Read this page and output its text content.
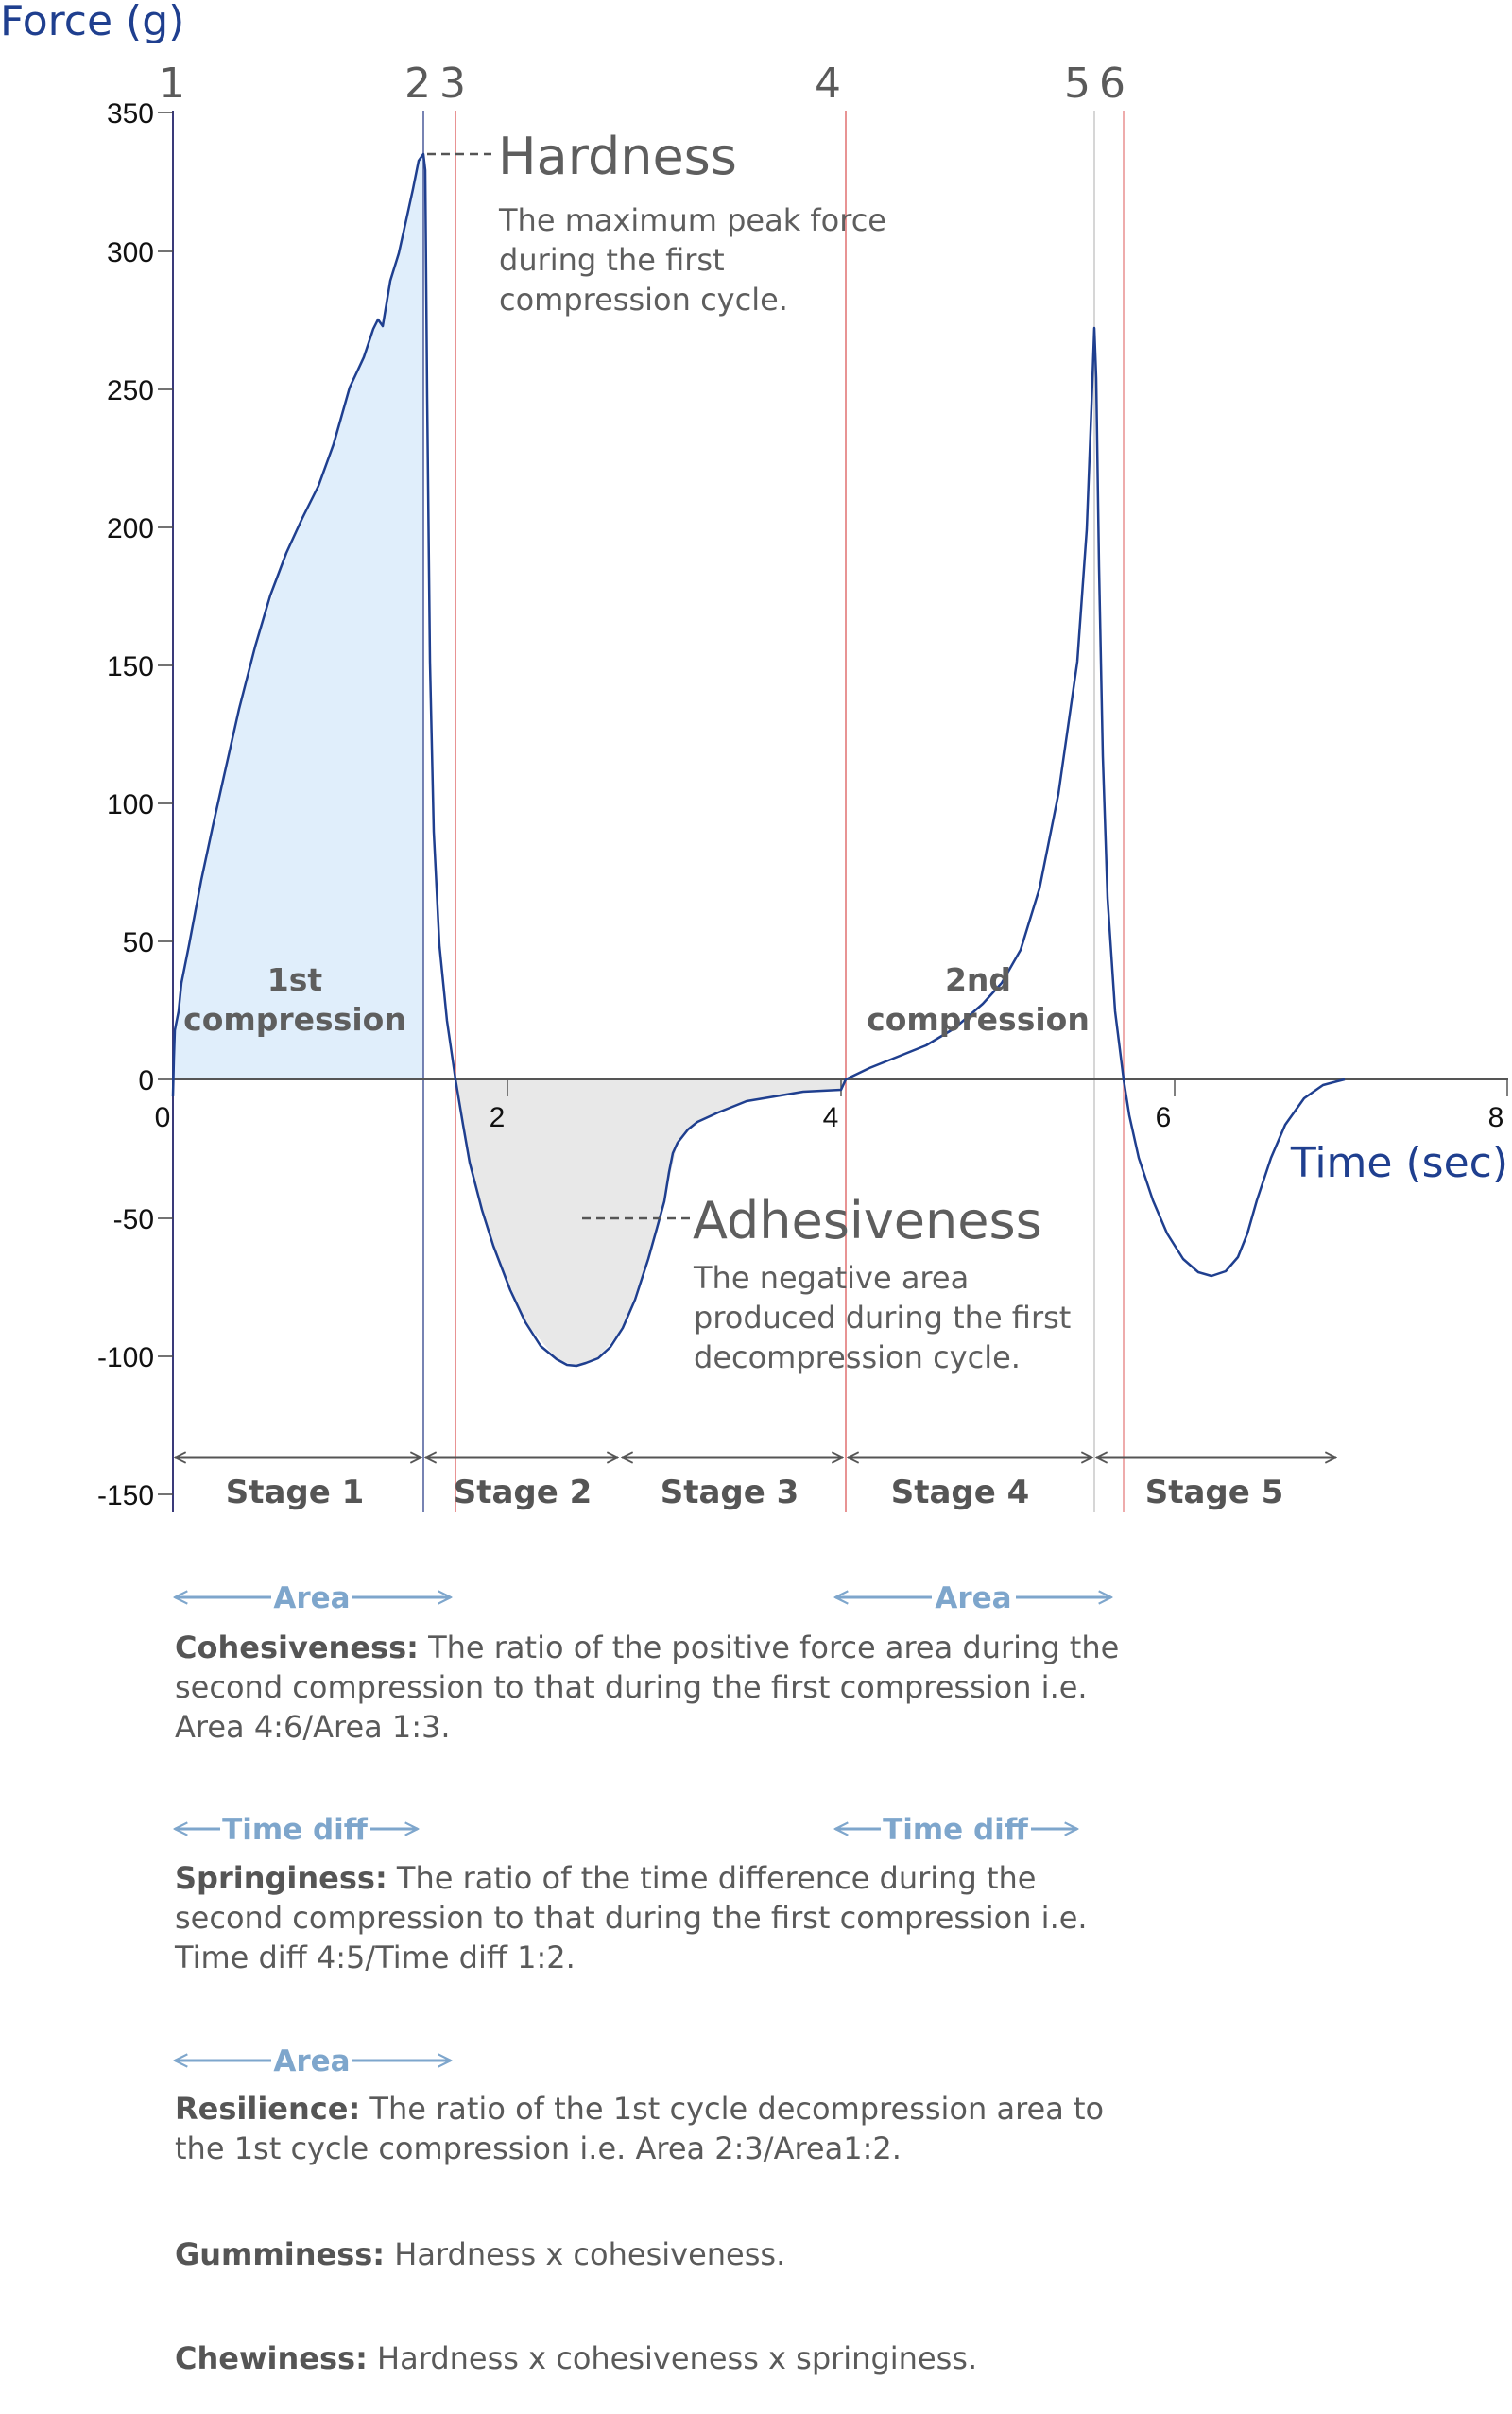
Force (g)
1	2 3	4	5 6
350
300
250
200
150
100
50
0
-50
-100
-150
0	2	4	6	8
Time (sec)
Hardness
The maximum peak force
during the first
compression cycle.
Adhesiveness
The negative area
produced during the first
decompression cycle.
1st
compression
2nd
compression
Stage 1	Stage 2 Stage 3	Stage 4	Stage 5
Area	Area
Time diff	Time diff
Area
Cohesiveness: The ratio of the positive force area during the second compression to that during the first compression i.e. Area 4:6/Area 1:3.
Springiness: The ratio of the time difference during the second compression to that during the first compression i.e. Time diff 4:5/Time diff 1:2.
Resilience: The ratio of the 1st cycle decompression area to the 1st cycle compression i.e. Area 2:3/Area1:2.
Gumminess: Hardness x cohesiveness.
Chewiness: Hardness x cohesiveness x springiness.
